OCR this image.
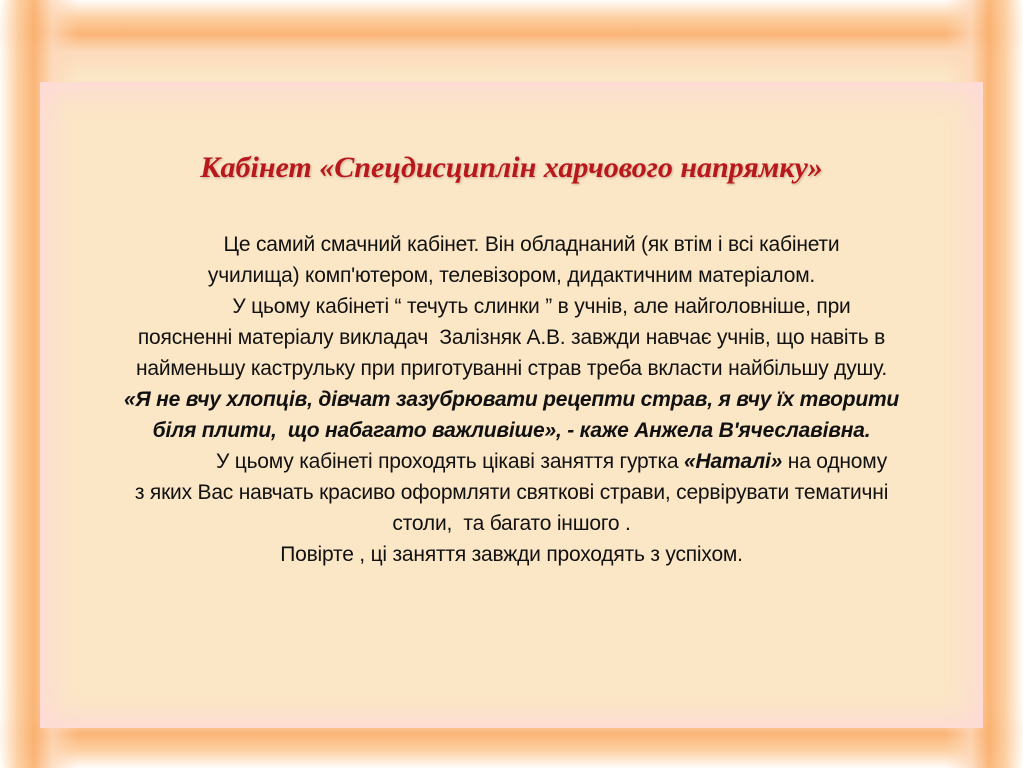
Кабінет «Спецдисциплін харчового напрямку»

Це самий смачний кабінет. Він обладнаний (як втім і всі кабінети

училища) комп'ютером, телевізором, дидактичним матеріалом.

У цьому кабінеті “ течуть слинки ” в учнів, але найголовніше, при

поясненні матеріалу викладач  Залізняк А.В. завжди навчає учнів, що навіть в

найменьшу каструльку при приготуванні страв треба вкласти найбільшу душу.

«Я не вчу хлопців, дівчат зазубрювати рецепти страв, я вчу їх творити

біля плити,  що набагато важливіше», - каже Анжела В'ячеславівна.

У цьому кабінеті проходять цікаві заняття гуртка «Наталі» на одному

з яких Вас навчать красиво оформляти святкові страви, сервірувати тематичні

столи,  та багато іншого .

Повірте , ці заняття завжди проходять з успіхом.
